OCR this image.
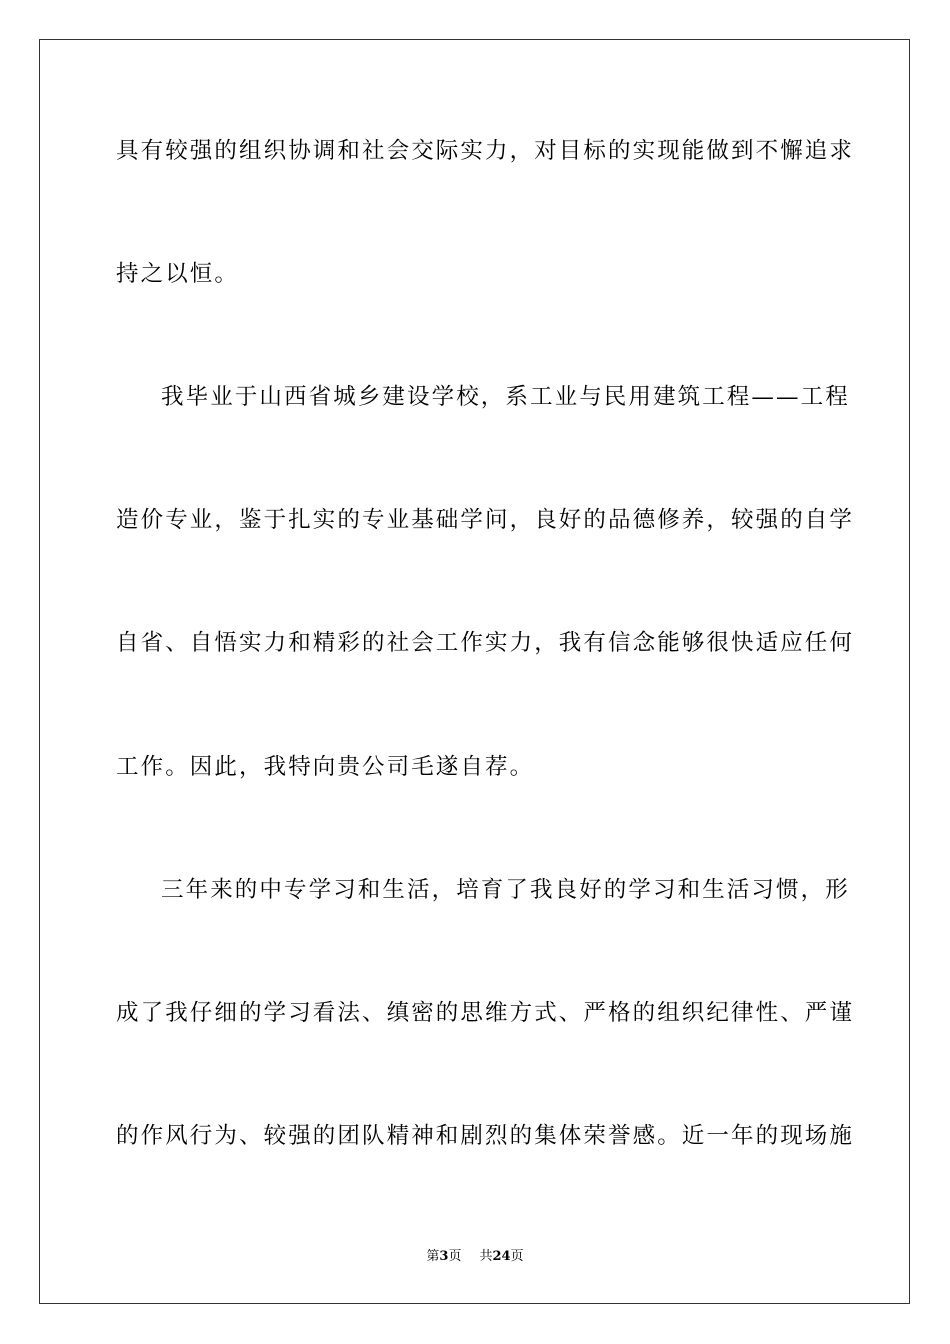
具有较强的组织协调和社会交际实力，对目标的实现能做到不懈追求
持之以恒。
我毕业于山西省城乡建设学校，系工业与民用建筑工程——工程
造价专业，鉴于扎实的专业基础学问，良好的品德修养，较强的自学
自省、自悟实力和精彩的社会工作实力，我有信念能够很快适应任何
工作。因此，我特向贵公司毛遂自荐。
三年来的中专学习和生活，培育了我良好的学习和生活习惯，形
成了我仔细的学习看法、缜密的思维方式、严格的组织纪律性、严谨
的作风行为、较强的团队精神和剧烈的集体荣誉感。近一年的现场施
第3页 共24页
